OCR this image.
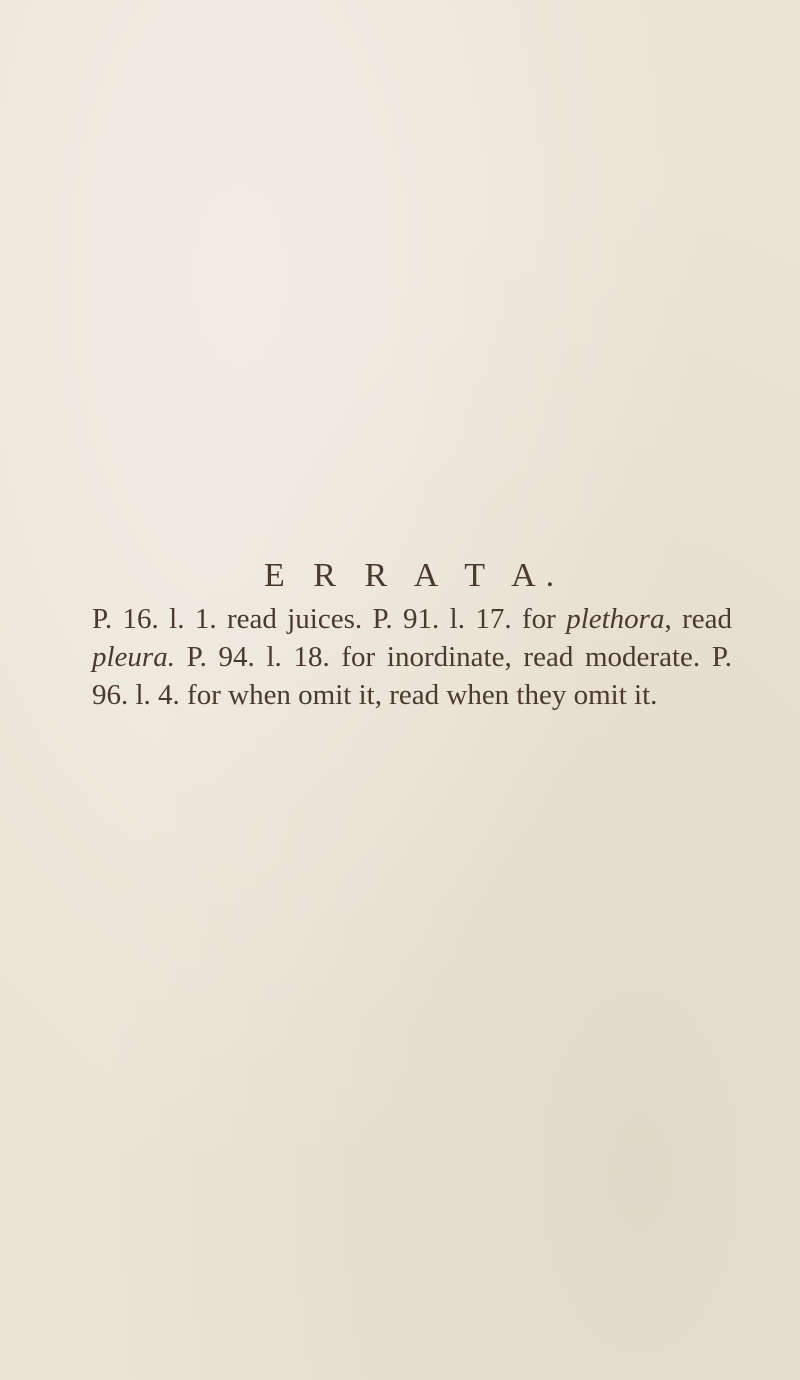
E R R A T A.

P. 16. l. 1. read juices. P. 91. l. 17. for plethora, read pleura. P. 94. l. 18. for inordinate, read moderate. P. 96. l. 4. for when omit it, read when they omit it.
